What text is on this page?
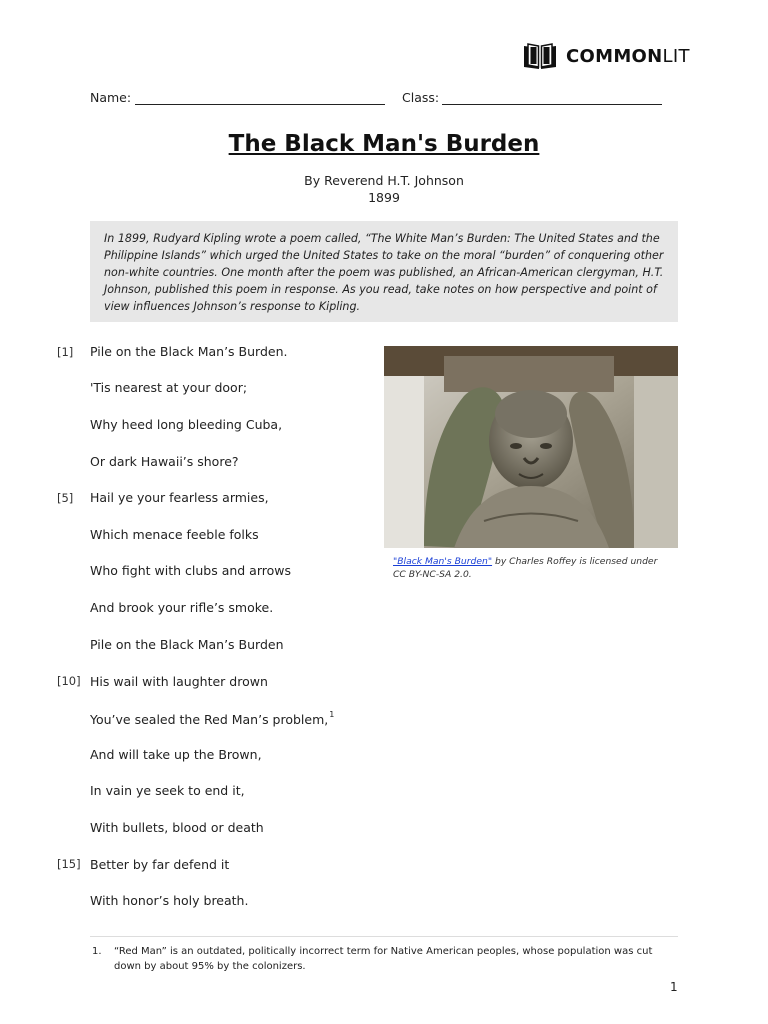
COMMONLIT
Name:	Class:
The Black Man's Burden
By Reverend H.T. Johnson
1899
In 1899, Rudyard Kipling wrote a poem called, “The White Man’s Burden: The United States and the Philippine Islands” which urged the United States to take on the moral “burden” of conquering other non-white countries. One month after the poem was published, an African-American clergyman, H.T. Johnson, published this poem in response. As you read, take notes on how perspective and point of view influences Johnson’s response to Kipling.
[1]
[5]
[10]
[15]
Pile on the Black Man’s Burden.
'Tis nearest at your door;
Why heed long bleeding Cuba,
Or dark Hawaii’s shore?
Hail ye your fearless armies,
Which menace feeble folks
Who fight with clubs and arrows
And brook your rifle’s smoke.
Pile on the Black Man’s Burden
His wail with laughter drown
You’ve sealed the Red Man’s problem,$^1$
And will take up the Brown,
In vain ye seek to end it,
With bullets, blood or death
Better by far defend it
With honor’s holy breath.
"Black Man's Burden" by Charles Roffey is licensed under CC BY-NC-SA 2.0.
1. “Red Man” is an outdated, politically incorrect term for Native American peoples, whose population was cut down by about 95% by the colonizers.
1
